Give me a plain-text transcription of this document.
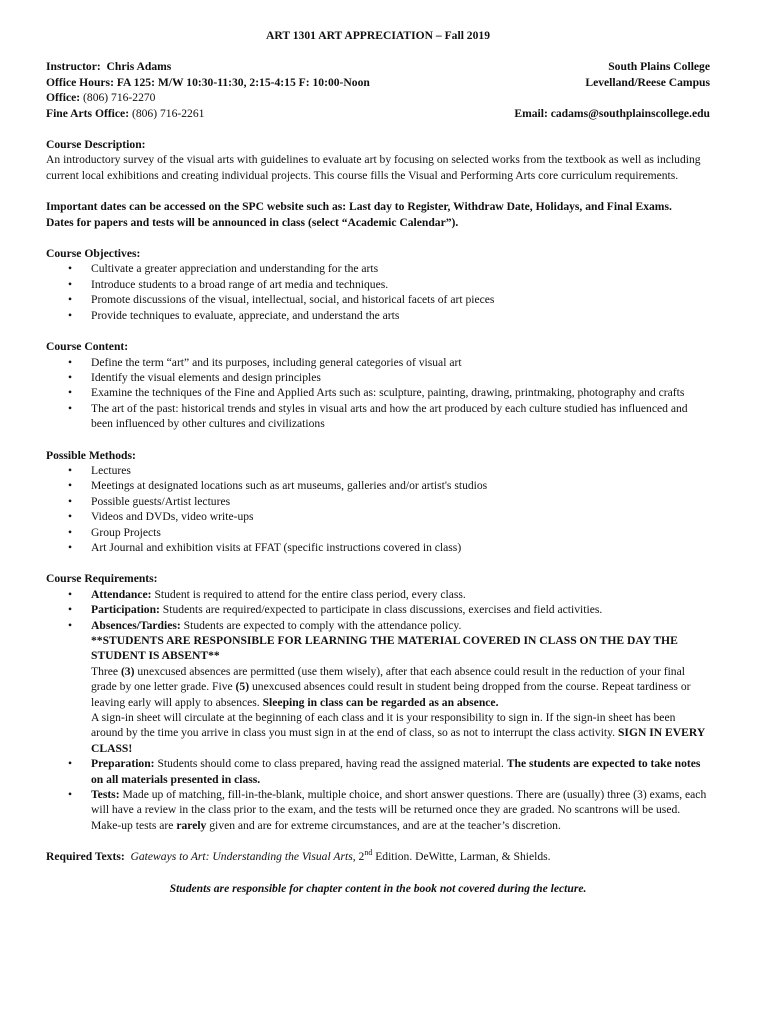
ART 1301 ART APPRECIATION – Fall 2019
Instructor: Chris Adams
Office Hours: FA 125: M/W 10:30-11:30, 2:15-4:15 F: 10:00-Noon
Office: (806) 716-2270
Fine Arts Office: (806) 716-2261
South Plains College
Levelland/Reese Campus

Email: cadams@southplainscollege.edu
Course Description:

An introductory survey of the visual arts with guidelines to evaluate art by focusing on selected works from the textbook as well as including current local exhibitions and creating individual projects. This course fills the Visual and Performing Arts core curriculum requirements.

Important dates can be accessed on the SPC website such as: Last day to Register, Withdraw Date, Holidays, and Final Exams.
Dates for papers and tests will be announced in class (select “Academic Calendar”).
Course Objectives:
• Cultivate a greater appreciation and understanding for the arts
• Introduce students to a broad range of art media and techniques.
• Promote discussions of the visual, intellectual, social, and historical facets of art pieces
• Provide techniques to evaluate, appreciate, and understand the arts
Course Content:
• Define the term “art” and its purposes, including general categories of visual art
• Identify the visual elements and design principles
• Examine the techniques of the Fine and Applied Arts such as: sculpture, painting, drawing, printmaking, photography and crafts
• The art of the past: historical trends and styles in visual arts and how the art produced by each culture studied has influenced and been influenced by other cultures and civilizations
Possible Methods:
• Lectures
• Meetings at designated locations such as art museums, galleries and/or artist's studios
• Possible guests/Artist lectures
• Videos and DVDs, video write-ups
• Group Projects
• Art Journal and exhibition visits at FFAT (specific instructions covered in class)
Course Requirements:
• Attendance: Student is required to attend for the entire class period, every class.
• Participation: Students are required/expected to participate in class discussions, exercises and field activities.
• Absences/Tardies: Students are expected to comply with the attendance policy.
**STUDENTS ARE RESPONSIBLE FOR LEARNING THE MATERIAL COVERED IN CLASS ON THE DAY THE STUDENT IS ABSENT**
Three (3) unexcused absences are permitted (use them wisely), after that each absence could result in the reduction of your final grade by one letter grade. Five (5) unexcused absences could result in student being dropped from the course. Repeat tardiness or leaving early will apply to absences. Sleeping in class can be regarded as an absence.
A sign-in sheet will circulate at the beginning of each class and it is your responsibility to sign in. If the sign-in sheet has been around by the time you arrive in class you must sign in at the end of class, so as not to interrupt the class activity. SIGN IN EVERY CLASS!
• Preparation: Students should come to class prepared, having read the assigned material. The students are expected to take notes on all materials presented in class.
• Tests: Made up of matching, fill-in-the-blank, multiple choice, and short answer questions. There are (usually) three (3) exams, each will have a review in the class prior to the exam, and the tests will be returned once they are graded. No scantrons will be used. Make-up tests are rarely given and are for extreme circumstances, and are at the teacher’s discretion.
Required Texts: Gateways to Art: Understanding the Visual Arts, 2nd Edition. DeWitte, Larman, & Shields.
Students are responsible for chapter content in the book not covered during the lecture.
